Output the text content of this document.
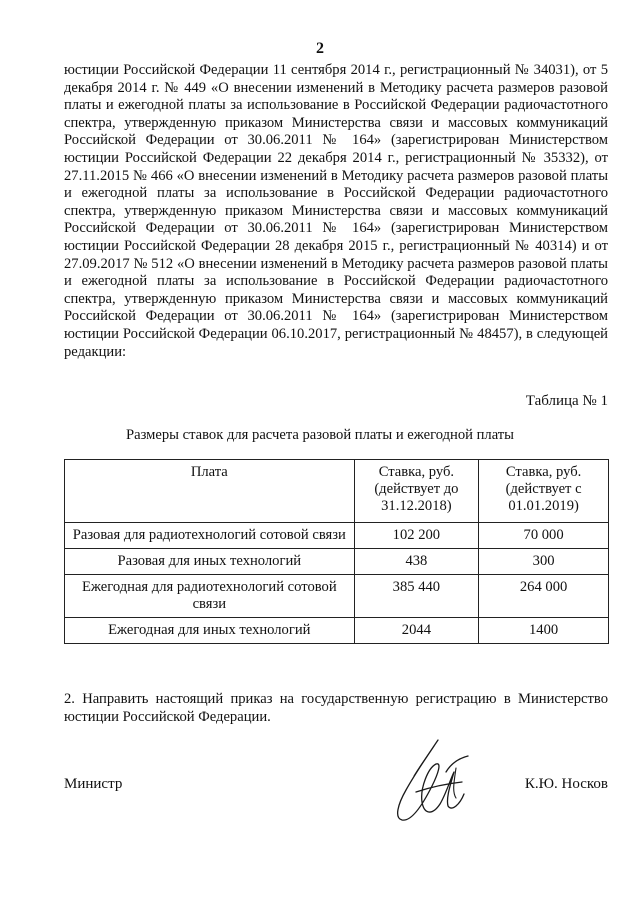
2
юстиции Российской Федерации 11 сентября 2014 г., регистрационный № 34031), от 5 декабря 2014 г. № 449 «О внесении изменений в Методику расчета размеров разовой платы и ежегодной платы за использование в Российской Федерации радиочастотного спектра, утвержденную приказом Министерства связи и массовых коммуникаций Российской Федерации от 30.06.2011 № 164» (зарегистрирован Министерством юстиции Российской Федерации 22 декабря 2014 г., регистрационный № 35332), от 27.11.2015 № 466 «О внесении изменений в Методику расчета размеров разовой платы и ежегодной платы за использование в Российской Федерации радиочастотного спектра, утвержденную приказом Министерства связи и массовых коммуникаций Российской Федерации от 30.06.2011 № 164» (зарегистрирован Министерством юстиции Российской Федерации 28 декабря 2015 г., регистрационный № 40314) и от 27.09.2017 № 512 «О внесении изменений в Методику расчета размеров разовой платы и ежегодной платы за использование в Российской Федерации радиочастотного спектра, утвержденную приказом Министерства связи и массовых коммуникаций Российской Федерации от 30.06.2011 № 164» (зарегистрирован Министерством юстиции Российской Федерации 06.10.2017, регистрационный № 48457), в следующей редакции:
Таблица № 1
Размеры ставок для расчета разовой платы и ежегодной платы
Плата	Ставка, руб. (действует до 31.12.2018)	Ставка, руб. (действует с 01.01.2019)
Разовая для радиотехнологий сотовой связи	102 200	70 000
Разовая для иных технологий	438	300
Ежегодная для радиотехнологий сотовой связи	385 440	264 000
Ежегодная для иных технологий	2044	1400
2. Направить настоящий приказ на государственную регистрацию в Министерство юстиции Российской Федерации.
Министр	К.Ю. Носков
